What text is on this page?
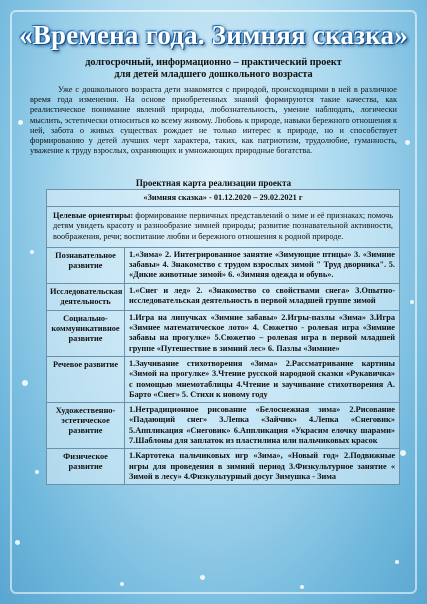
«Времена года. Зимняя сказка»
долгосрочный, информационно – практический проект
для детей младшего дошкольного возраста
Уже с дошкольного возраста дети знакомятся с природой, происходящими в ней в различное время года изменения. На основе приобретенных знаний формируются такие качества, как реалистическое понимание явлений природы, любознательность, умение наблюдать, логически мыслить, эстетически относиться ко всему живому. Любовь к природе, навыки бережного отношения к ней, забота о живых существах рождает не только интерес к природе, но и способствует формированию у детей лучших черт характера, таких, как патриотизм, трудолюбие, гуманность, уважение к труду взрослых, охраняющих и умножающих природные богатства.
Проектная карта реализации проекта
«Зимняя сказка» - 01.12.2020 – 29.02.2021 г
Целевые ориентиры: формирование первичных представлений о зиме и её признаках; помочь детям увидеть красоту и разнообразие зимней природы; развитие познавательной активности, воображения, речи; воспитание любви и бережного отношения к родной природе.
Познавательное развитие
1.«Зима» 2. Интегрированное занятие «Зимующие птицы» 3. «Зимние забавы» 4. Знакомство с трудом взрослых зимой " Труд дворника". 5. «Дикие животные зимой» 6. «Зимняя одежда и обувь».
Исследовательская деятельность
1.«Снег и лед» 2. «Знакомство со свойствами снега» 3.Опытно-исследовательская деятельность в первой младшей группе зимой
Социально-коммуникативное развитие
1.Игра на липучках «Зимние забавы» 2.Игры-пазлы «Зима» 3.Игра «Зимнее математическое лото» 4. Сюжетно - ролевая игра «Зимние забавы на прогулке» 5.Сюжетно – ролевая игра в первой младшей группе «Путешествие в зимний лес» 6. Пазлы «Зимние»
Речевое развитие	1.Заучивание стихотворения «Зима» 2.Рассматривание картины «Зимой на прогулке» 3.Чтение русской народной сказки «Рукавичка» с помощью мнемотаблицы 4.Чтение и заучивание стихотворения А. Барто «Снег» 5. Стихи к новому году
Художественно-эстетическое развитие
1.Нетрадиционное рисование «Белоснежная зима» 2.Рисование «Падающий снег» 3.Лепка «Зайчик» 4.Лепка «Снеговик» 5.Аппликация «Снеговик» 6.Аппликация «Украсим елочку шарами» 7.Шаблоны для заплаток из пластилина или пальчиковых красок
Физическое развитие
1.Картотека пальчиковых игр «Зима», «Новый год» 2.Подвижные игры для проведения в зимний период 3.Физкультурное занятие « Зимой в лесу» 4.Физкультурный досуг Зимушка - Зима
